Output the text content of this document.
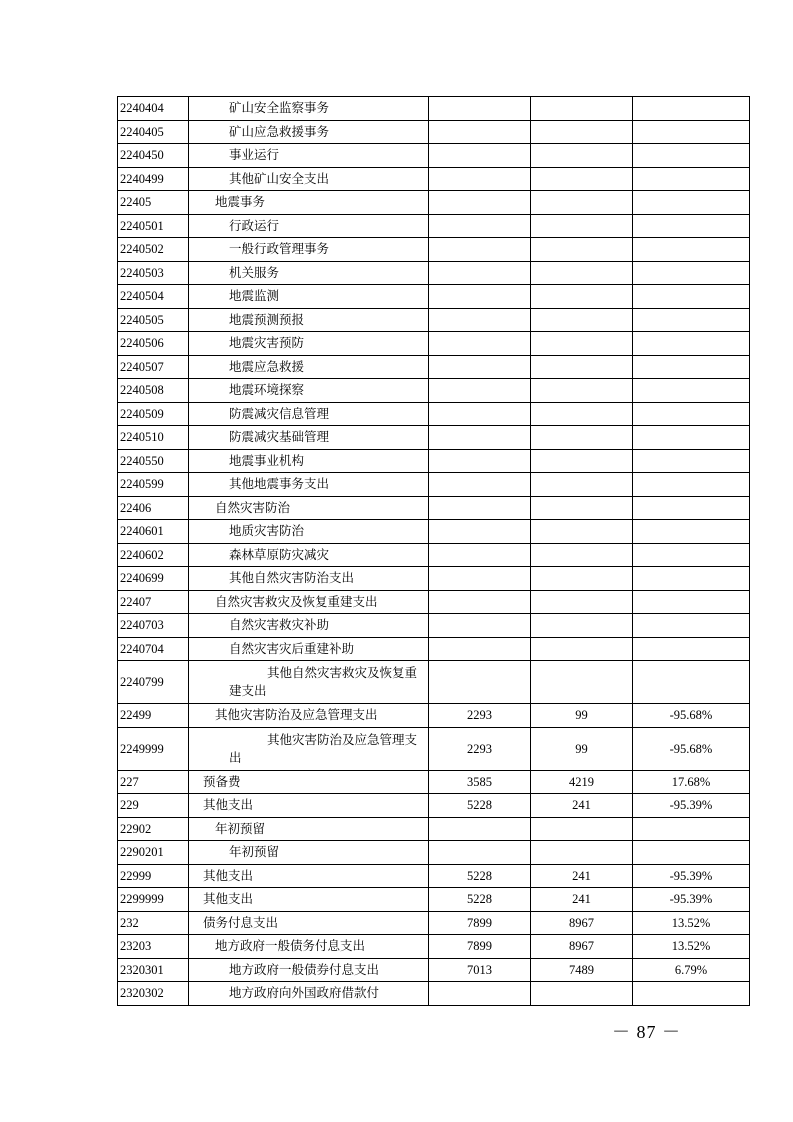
2240404	矿山安全监察事务			
2240405	矿山应急救援事务			
2240450	事业运行			
2240499	其他矿山安全支出			
22405	地震事务			
2240501	行政运行			
2240502	一般行政管理事务			
2240503	机关服务			
2240504	地震监测			
2240505	地震预测预报			
2240506	地震灾害预防			
2240507	地震应急救援			
2240508	地震环境探察			
2240509	防震减灾信息管理			
2240510	防震减灾基础管理			
2240550	地震事业机构			
2240599	其他地震事务支出			
22406	自然灾害防治			
2240601	地质灾害防治			
2240602	森林草原防灾减灾			
2240699	其他自然灾害防治支出			
22407	自然灾害救灾及恢复重建支出			
2240703	自然灾害救灾补助			
2240704	自然灾害灾后重建补助			
2240799	其他自然灾害救灾及恢复重建支出			
22499	其他灾害防治及应急管理支出	2293	99	-95.68%
2249999	其他灾害防治及应急管理支出	2293	99	-95.68%
227	预备费	3585	4219	17.68%
229	其他支出	5228	241	-95.39%
22902	年初预留			
2290201	年初预留			
22999	其他支出	5228	241	-95.39%
2299999	其他支出	5228	241	-95.39%
232	债务付息支出	7899	8967	13.52%
23203	地方政府一般债务付息支出	7899	8967	13.52%
2320301	地方政府一般债券付息支出	7013	7489	6.79%
2320302	地方政府向外国政府借款付			
－ 87 －
